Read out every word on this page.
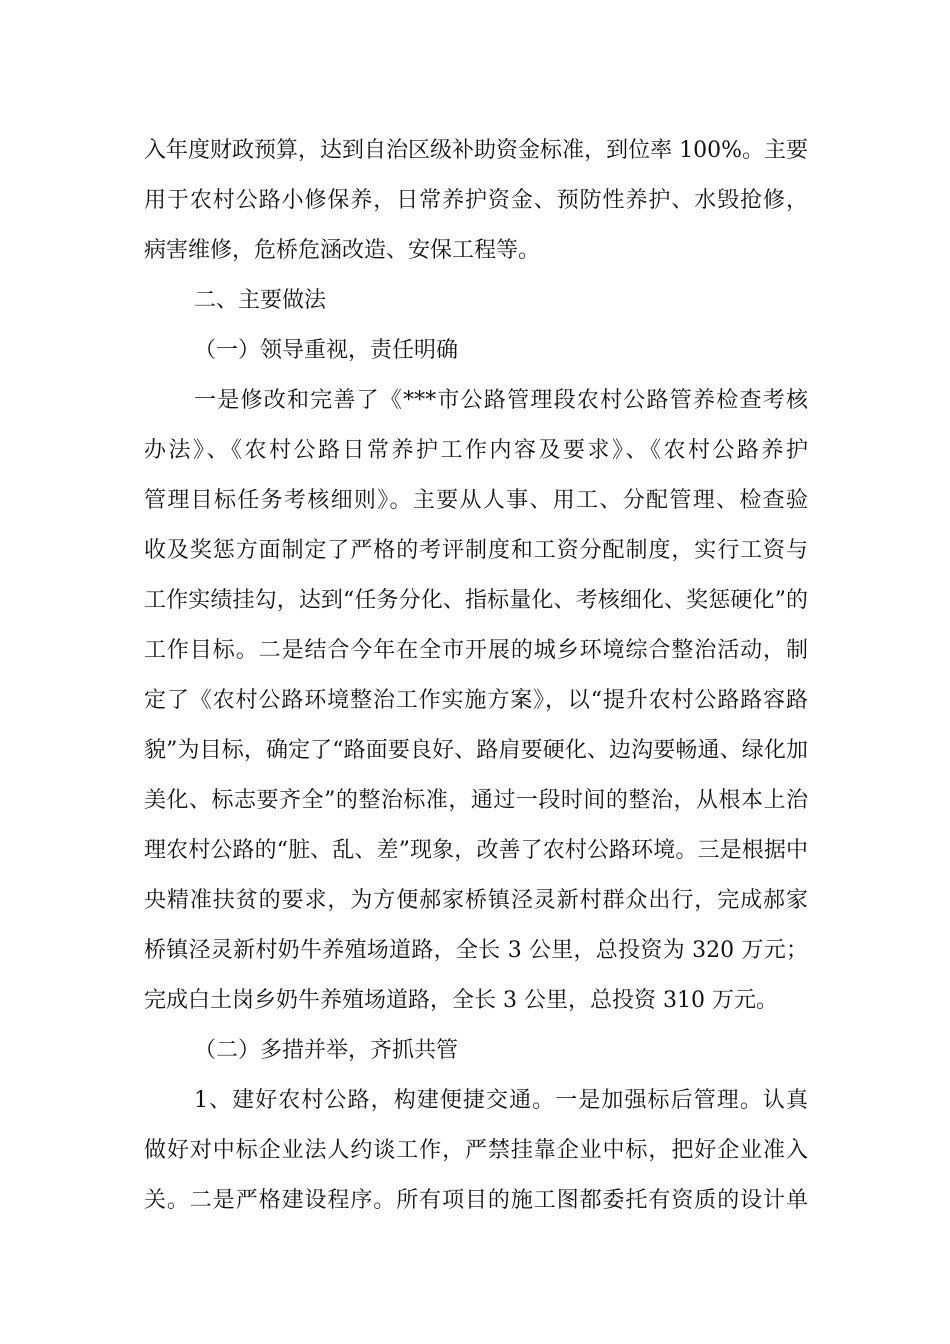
入年度财政预算，达到自治区级补助资金标准，到位率 100%。主要
用于农村公路小修保养，日常养护资金、预防性养护、水毁抢修，
病害维修，危桥危涵改造、安保工程等。
二、主要做法
（一）领导重视，责任明确
一是修改和完善了《***市公路管理段农村公路管养检查考核
办法》、《农村公路日常养护工作内容及要求》、《农村公路养护
管理目标任务考核细则》。主要从人事、用工、分配管理、检查验
收及奖惩方面制定了严格的考评制度和工资分配制度，实行工资与
工作实绩挂勾，达到“任务分化、指标量化、考核细化、奖惩硬化”的
工作目标。二是结合今年在全市开展的城乡环境综合整治活动，制
定了《农村公路环境整治工作实施方案》，以“提升农村公路路容路
貌”为目标，确定了“路面要良好、路肩要硬化、边沟要畅通、绿化加
美化、标志要齐全”的整治标准，通过一段时间的整治，从根本上治
理农村公路的“脏、乱、差”现象，改善了农村公路环境。三是根据中
央精准扶贫的要求，为方便郝家桥镇泾灵新村群众出行，完成郝家
桥镇泾灵新村奶牛养殖场道路，全长 3 公里，总投资为 320 万元；
完成白土岗乡奶牛养殖场道路，全长 3 公里，总投资 310 万元。
（二）多措并举，齐抓共管
1、建好农村公路，构建便捷交通。一是加强标后管理。认真
做好对中标企业法人约谈工作，严禁挂靠企业中标，把好企业准入
关。二是严格建设程序。所有项目的施工图都委托有资质的设计单
